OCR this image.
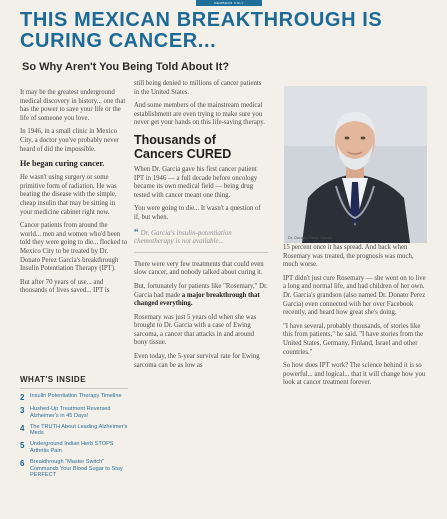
MEMBERS ONLY
THIS MEXICAN BREAKTHROUGH IS CURING CANCER...
So Why Aren't You Being Told About It?

It may be the greatest underground medical discovery in history... one that has the power to save your life or the life of someone you love.

In 1946, in a small clinic in Mexico City, a doctor you've probably never heard of did the impossible.

He began curing cancer.

He wasn't using surgery or some primitive form of radiation. He was beating the disease with the simple, cheap insulin that may be sitting in your medicine cabinet right now.

Cancer patients from around the world... men and women who'd been told they were going to die... flocked to Mexico City to be treated by Dr. Donato Perez Garcia's breakthrough Insulin Potentiation Therapy (IPT).

But after 70 years of use... and thousands of lives saved... IPT is

WHAT'S INSIDE
2 Insulin Potentiation Therapy Timeline
3 Hushed-Up Treatment Reversed Alzheimer's in 45 Days!
4 The TRUTH About Leading Alzheimer's Meds
5 Underground Indian Herb STOPS Arthritis Pain
6 Breakthrough "Master Switch" Commands Your Blood Sugar to Stay PERFECT

still being denied to millions of cancer patients in the United States.

And some members of the mainstream medical establishment are even trying to make sure you never get your hands on this life-saving therapy.

Thousands of Cancers CURED

When Dr. Garcia gave his first cancer patient IPT in 1946 — a full decade before oncology became its own medical field — being drug tested with cancer meant one thing.

You were going to die... It wasn't a question of if, but when.

“ Dr. Garcia's insulin-potentiation chemotherapy is not available...

There were very few treatments that could even slow cancer, and nobody talked about curing it.

But, fortunately for patients like "Rosemary," Dr. Garcia had made a major breakthrough that changed everything.

Rosemary was just 5 years old when she was brought to Dr. Garcia with a case of Ewing sarcoma, a cancer that attacks in and around bony tissue.

Even today, the 5-year survival rate for Ewing sarcoma can be as low as

Dr. Donato Perez Garcia

15 percent once it has spread. And back when Rosemary was treated, the prognosis was much, much worse.

IPT didn't just cure Rosemary — she went on to live a long and normal life, and had children of her own. Dr. Garcia's grandson (also named Dr. Donato Perez Garcia) even connected with her over Facebook recently, and heard how great she's doing.

"I have several, probably thousands, of stories like this from patients," he said. "I have stories from the United States, Germany, Finland, Israel and other countries."

So how does IPT work? The science behind it is so powerful... and logical... that it will change how you look at cancer treatment forever.
